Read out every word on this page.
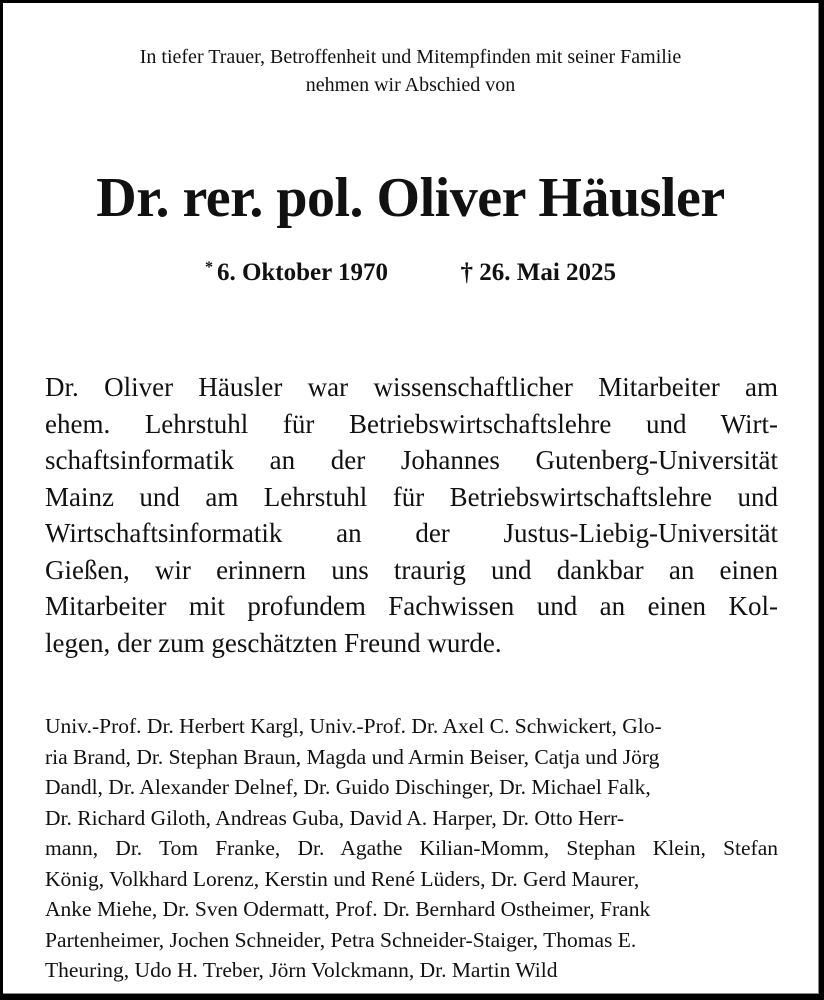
In tiefer Trauer, Betroffenheit und Mitempfinden mit seiner Familie
nehmen wir Abschied von
Dr. rer. pol. Oliver Häusler
* 6. Oktober 1970	† 26. Mai 2025
Dr. Oliver Häusler war wissenschaftlicher Mitarbeiter am
ehem. Lehrstuhl für Betriebswirtschaftslehre und Wirt-
schaftsinformatik an der Johannes Gutenberg-Universität
Mainz und am Lehrstuhl für Betriebswirtschaftslehre und
Wirtschaftsinformatik an der Justus-Liebig-Universität
Gießen, wir erinnern uns traurig und dankbar an einen
Mitarbeiter mit profundem Fachwissen und an einen Kol-
legen, der zum geschätzten Freund wurde.
Univ.-Prof. Dr. Herbert Kargl, Univ.-Prof. Dr. Axel C. Schwickert, Glo-
ria Brand, Dr. Stephan Braun, Magda und Armin Beiser, Catja und Jörg
Dandl, Dr. Alexander Delnef, Dr. Guido Dischinger, Dr. Michael Falk,
Dr. Richard Giloth, Andreas Guba, David A. Harper, Dr. Otto Herr-
mann, Dr. Tom Franke, Dr. Agathe Kilian-Momm, Stephan Klein, Stefan
König, Volkhard Lorenz, Kerstin und René Lüders, Dr. Gerd Maurer,
Anke Miehe, Dr. Sven Odermatt, Prof. Dr. Bernhard Ostheimer, Frank
Partenheimer, Jochen Schneider, Petra Schneider-Staiger, Thomas E.
Theuring, Udo H. Treber, Jörn Volckmann, Dr. Martin Wild
